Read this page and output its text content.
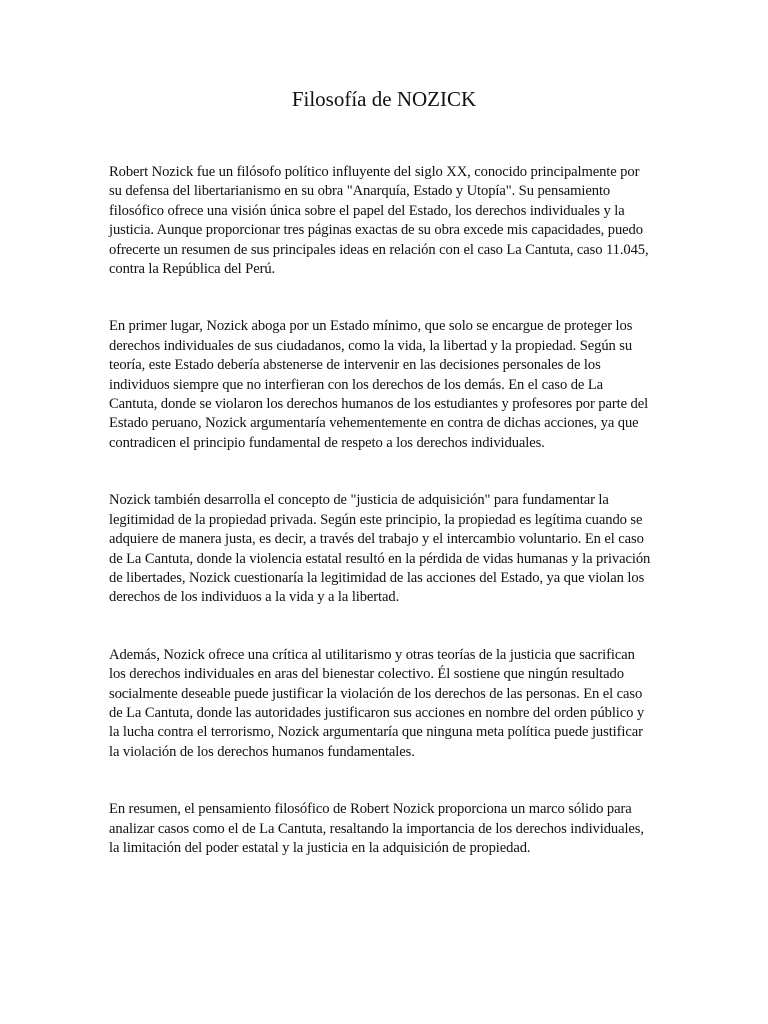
Filosofía de NOZICK

Robert Nozick fue un filósofo político influyente del siglo XX, conocido principalmente por su defensa del libertarianismo en su obra "Anarquía, Estado y Utopía". Su pensamiento filosófico ofrece una visión única sobre el papel del Estado, los derechos individuales y la justicia. Aunque proporcionar tres páginas exactas de su obra excede mis capacidades, puedo ofrecerte un resumen de sus principales ideas en relación con el caso La Cantuta, caso 11.045, contra la República del Perú.

En primer lugar, Nozick aboga por un Estado mínimo, que solo se encargue de proteger los derechos individuales de sus ciudadanos, como la vida, la libertad y la propiedad. Según su teoría, este Estado debería abstenerse de intervenir en las decisiones personales de los individuos siempre que no interfieran con los derechos de los demás. En el caso de La Cantuta, donde se violaron los derechos humanos de los estudiantes y profesores por parte del Estado peruano, Nozick argumentaría vehementemente en contra de dichas acciones, ya que contradicen el principio fundamental de respeto a los derechos individuales.

Nozick también desarrolla el concepto de "justicia de adquisición" para fundamentar la legitimidad de la propiedad privada. Según este principio, la propiedad es legítima cuando se adquiere de manera justa, es decir, a través del trabajo y el intercambio voluntario. En el caso de La Cantuta, donde la violencia estatal resultó en la pérdida de vidas humanas y la privación de libertades, Nozick cuestionaría la legitimidad de las acciones del Estado, ya que violan los derechos de los individuos a la vida y a la libertad.

Además, Nozick ofrece una crítica al utilitarismo y otras teorías de la justicia que sacrifican los derechos individuales en aras del bienestar colectivo. Él sostiene que ningún resultado socialmente deseable puede justificar la violación de los derechos de las personas. En el caso de La Cantuta, donde las autoridades justificaron sus acciones en nombre del orden público y la lucha contra el terrorismo, Nozick argumentaría que ninguna meta política puede justificar la violación de los derechos humanos fundamentales.

En resumen, el pensamiento filosófico de Robert Nozick proporciona un marco sólido para analizar casos como el de La Cantuta, resaltando la importancia de los derechos individuales, la limitación del poder estatal y la justicia en la adquisición de propiedad.
